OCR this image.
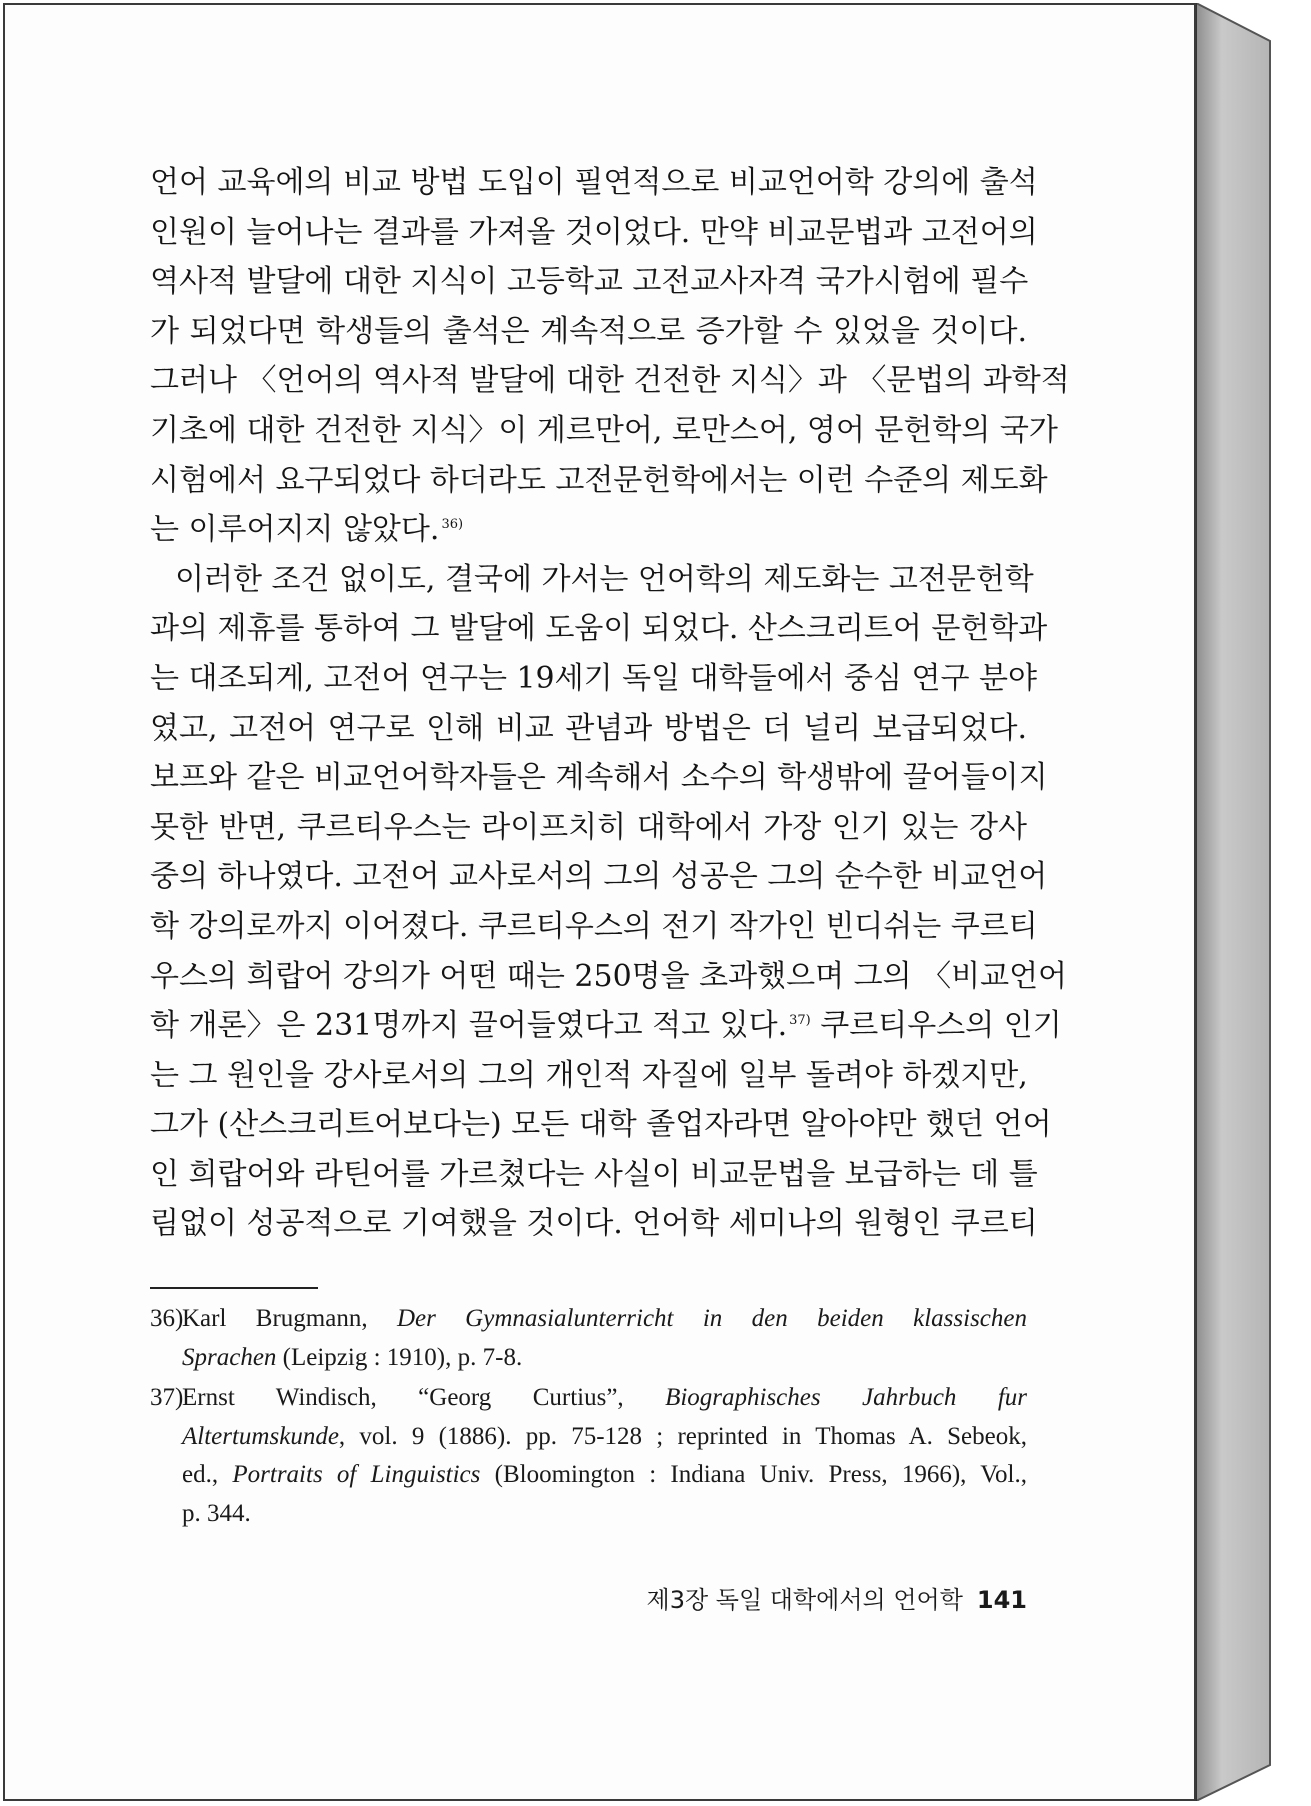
언어 교육에의 비교 방법 도입이 필연적으로 비교언어학 강의에 출석
인원이 늘어나는 결과를 가져올 것이었다. 만약 비교문법과 고전어의
역사적 발달에 대한 지식이 고등학교 고전교사자격 국가시험에 필수
가 되었다면 학생들의 출석은 계속적으로 증가할 수 있었을 것이다.
그러나 〈언어의 역사적 발달에 대한 건전한 지식〉과 〈문법의 과학적
기초에 대한 건전한 지식〉이 게르만어, 로만스어, 영어 문헌학의 국가
시험에서 요구되었다 하더라도 고전문헌학에서는 이런 수준의 제도화
는 이루어지지 않았다. $^{36)}$
이러한 조건 없이도, 결국에 가서는 언어학의 제도화는 고전문헌학
과의 제휴를 통하여 그 발달에 도움이 되었다. 산스크리트어 문헌학과
는 대조되게, 고전어 연구는 19세기 독일 대학들에서 중심 연구 분야
였고, 고전어 연구로 인해 비교 관념과 방법은 더 널리 보급되었다.
보프와 같은 비교언어학자들은 계속해서 소수의 학생밖에 끌어들이지
못한 반면, 쿠르티우스는 라이프치히 대학에서 가장 인기 있는 강사
중의 하나였다. 고전어 교사로서의 그의 성공은 그의 순수한 비교언어
학 강의로까지 이어졌다. 쿠르티우스의 전기 작가인 빈디쉬는 쿠르티
우스의 희랍어 강의가 어떤 때는 250명을 초과했으며 그의 〈비교언어
학 개론〉은 231명까지 끌어들였다고 적고 있다. $^{37)}$ 쿠르티우스의 인기
는 그 원인을 강사로서의 그의 개인적 자질에 일부 돌려야 하겠지만,
그가 (산스크리트어보다는) 모든 대학 졸업자라면 알아야만 했던 언어
인 희랍어와 라틴어를 가르쳤다는 사실이 비교문법을 보급하는 데 틀
림없이 성공적으로 기여했을 것이다. 언어학 세미나의 원형인 쿠르티
36)Karl Brugmann, Der Gymnasialunterricht in den beiden klassischen
Sprachen (Leipzig : 1910), p. 7-8.
37)Ernst Windisch, “Georg Curtius”, Biographisches Jahrbuch fur
Altertumskunde, vol. 9 (1886). pp. 75-128 ; reprinted in Thomas A. Sebeok,
ed., Portraits of Linguistics (Bloomington : Indiana Univ. Press, 1966), Vol.,
p. 344.
제3장 독일 대학에서의 언어학 141
